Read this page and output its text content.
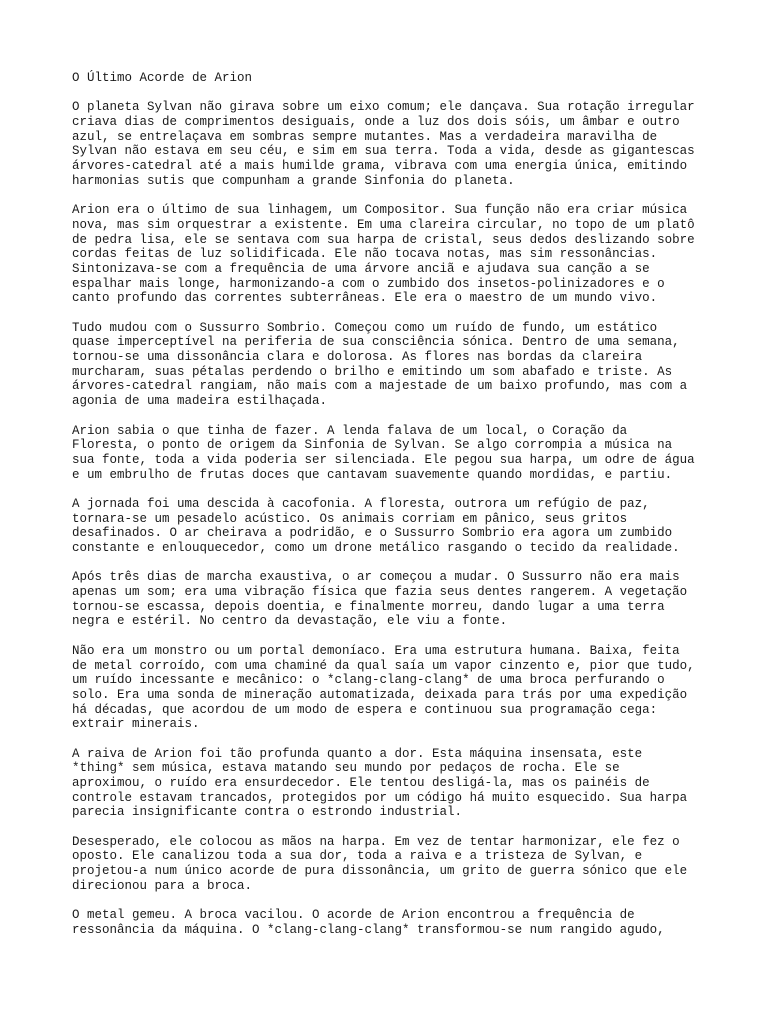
O Último Acorde de Arion
O planeta Sylvan não girava sobre um eixo comum; ele dançava. Sua rotação irregular
criava dias de comprimentos desiguais, onde a luz dos dois sóis, um âmbar e outro
azul, se entrelaçava em sombras sempre mutantes. Mas a verdadeira maravilha de
Sylvan não estava em seu céu, e sim em sua terra. Toda a vida, desde as gigantescas
árvores-catedral até a mais humilde grama, vibrava com uma energia única, emitindo
harmonias sutis que compunham a grande Sinfonia do planeta.
Arion era o último de sua linhagem, um Compositor. Sua função não era criar música
nova, mas sim orquestrar a existente. Em uma clareira circular, no topo de um platô
de pedra lisa, ele se sentava com sua harpa de cristal, seus dedos deslizando sobre
cordas feitas de luz solidificada. Ele não tocava notas, mas sim ressonâncias.
Sintonizava-se com a frequência de uma árvore anciã e ajudava sua canção a se
espalhar mais longe, harmonizando-a com o zumbido dos insetos-polinizadores e o
canto profundo das correntes subterrâneas. Ele era o maestro de um mundo vivo.
Tudo mudou com o Sussurro Sombrio. Começou como um ruído de fundo, um estático
quase imperceptível na periferia de sua consciência sónica. Dentro de uma semana,
tornou-se uma dissonância clara e dolorosa. As flores nas bordas da clareira
murcharam, suas pétalas perdendo o brilho e emitindo um som abafado e triste. As
árvores-catedral rangiam, não mais com a majestade de um baixo profundo, mas com a
agonia de uma madeira estilhaçada.
Arion sabia o que tinha de fazer. A lenda falava de um local, o Coração da
Floresta, o ponto de origem da Sinfonia de Sylvan. Se algo corrompia a música na
sua fonte, toda a vida poderia ser silenciada. Ele pegou sua harpa, um odre de água
e um embrulho de frutas doces que cantavam suavemente quando mordidas, e partiu.
A jornada foi uma descida à cacofonia. A floresta, outrora um refúgio de paz,
tornara-se um pesadelo acústico. Os animais corriam em pânico, seus gritos
desafinados. O ar cheirava a podridão, e o Sussurro Sombrio era agora um zumbido
constante e enlouquecedor, como um drone metálico rasgando o tecido da realidade.
Após três dias de marcha exaustiva, o ar começou a mudar. O Sussurro não era mais
apenas um som; era uma vibração física que fazia seus dentes rangerem. A vegetação
tornou-se escassa, depois doentia, e finalmente morreu, dando lugar a uma terra
negra e estéril. No centro da devastação, ele viu a fonte.
Não era um monstro ou um portal demoníaco. Era uma estrutura humana. Baixa, feita
de metal corroído, com uma chaminé da qual saía um vapor cinzento e, pior que tudo,
um ruído incessante e mecânico: o *clang-clang-clang* de uma broca perfurando o
solo. Era uma sonda de mineração automatizada, deixada para trás por uma expedição
há décadas, que acordou de um modo de espera e continuou sua programação cega:
extrair minerais.
A raiva de Arion foi tão profunda quanto a dor. Esta máquina insensata, este
*thing* sem música, estava matando seu mundo por pedaços de rocha. Ele se
aproximou, o ruído era ensurdecedor. Ele tentou desligá-la, mas os painéis de
controle estavam trancados, protegidos por um código há muito esquecido. Sua harpa
parecia insignificante contra o estrondo industrial.
Desesperado, ele colocou as mãos na harpa. Em vez de tentar harmonizar, ele fez o
oposto. Ele canalizou toda a sua dor, toda a raiva e a tristeza de Sylvan, e
projetou-a num único acorde de pura dissonância, um grito de guerra sónico que ele
direcionou para a broca.
O metal gemeu. A broca vacilou. O acorde de Arion encontrou a frequência de
ressonância da máquina. O *clang-clang-clang* transformou-se num rangido agudo,
